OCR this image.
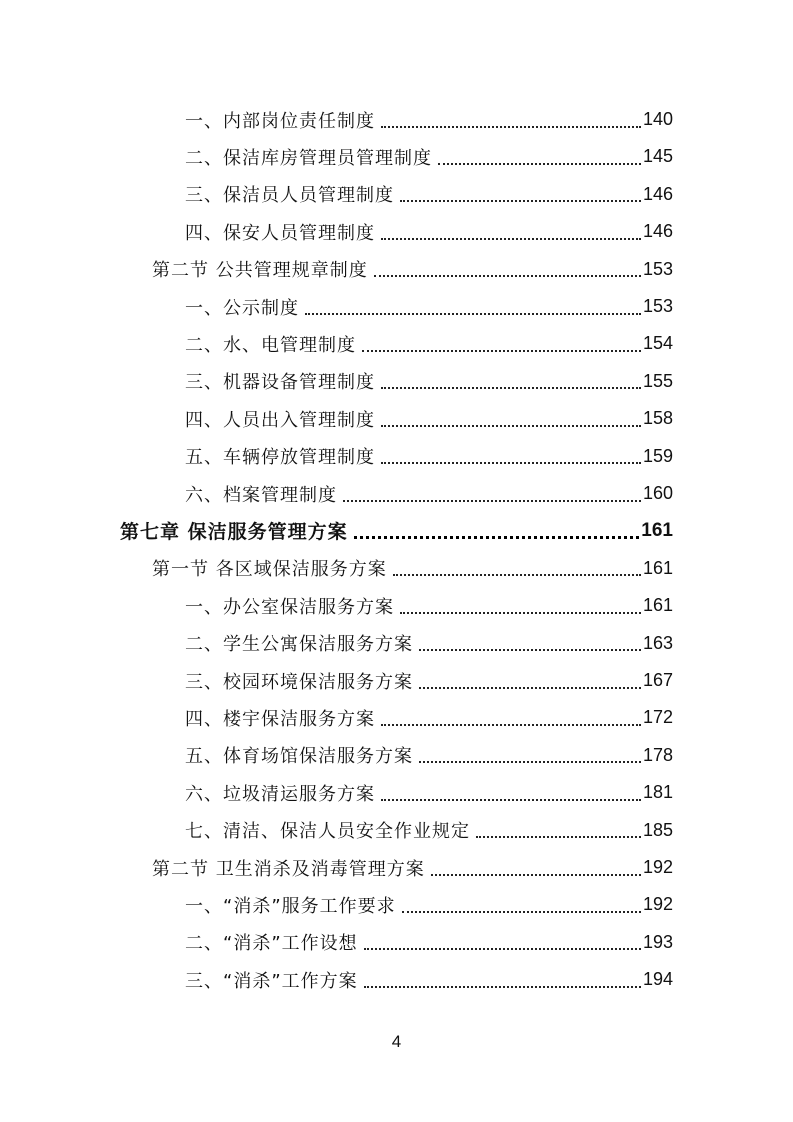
一、内部岗位责任制度	140
二、保洁库房管理员管理制度	145
三、保洁员人员管理制度	146
四、保安人员管理制度	146
第二节 公共管理规章制度	153
一、公示制度	153
二、水、电管理制度	154
三、机器设备管理制度	155
四、人员出入管理制度	158
五、车辆停放管理制度	159
六、档案管理制度	160
第七章 保洁服务管理方案	161
第一节 各区域保洁服务方案	161
一、办公室保洁服务方案	161
二、学生公寓保洁服务方案	163
三、校园环境保洁服务方案	167
四、楼宇保洁服务方案	172
五、体育场馆保洁服务方案	178
六、垃圾清运服务方案	181
七、清洁、保洁人员安全作业规定	185
第二节 卫生消杀及消毒管理方案	192
一、“消杀”服务工作要求	192
二、“消杀”工作设想	193
三、“消杀”工作方案	194
4
